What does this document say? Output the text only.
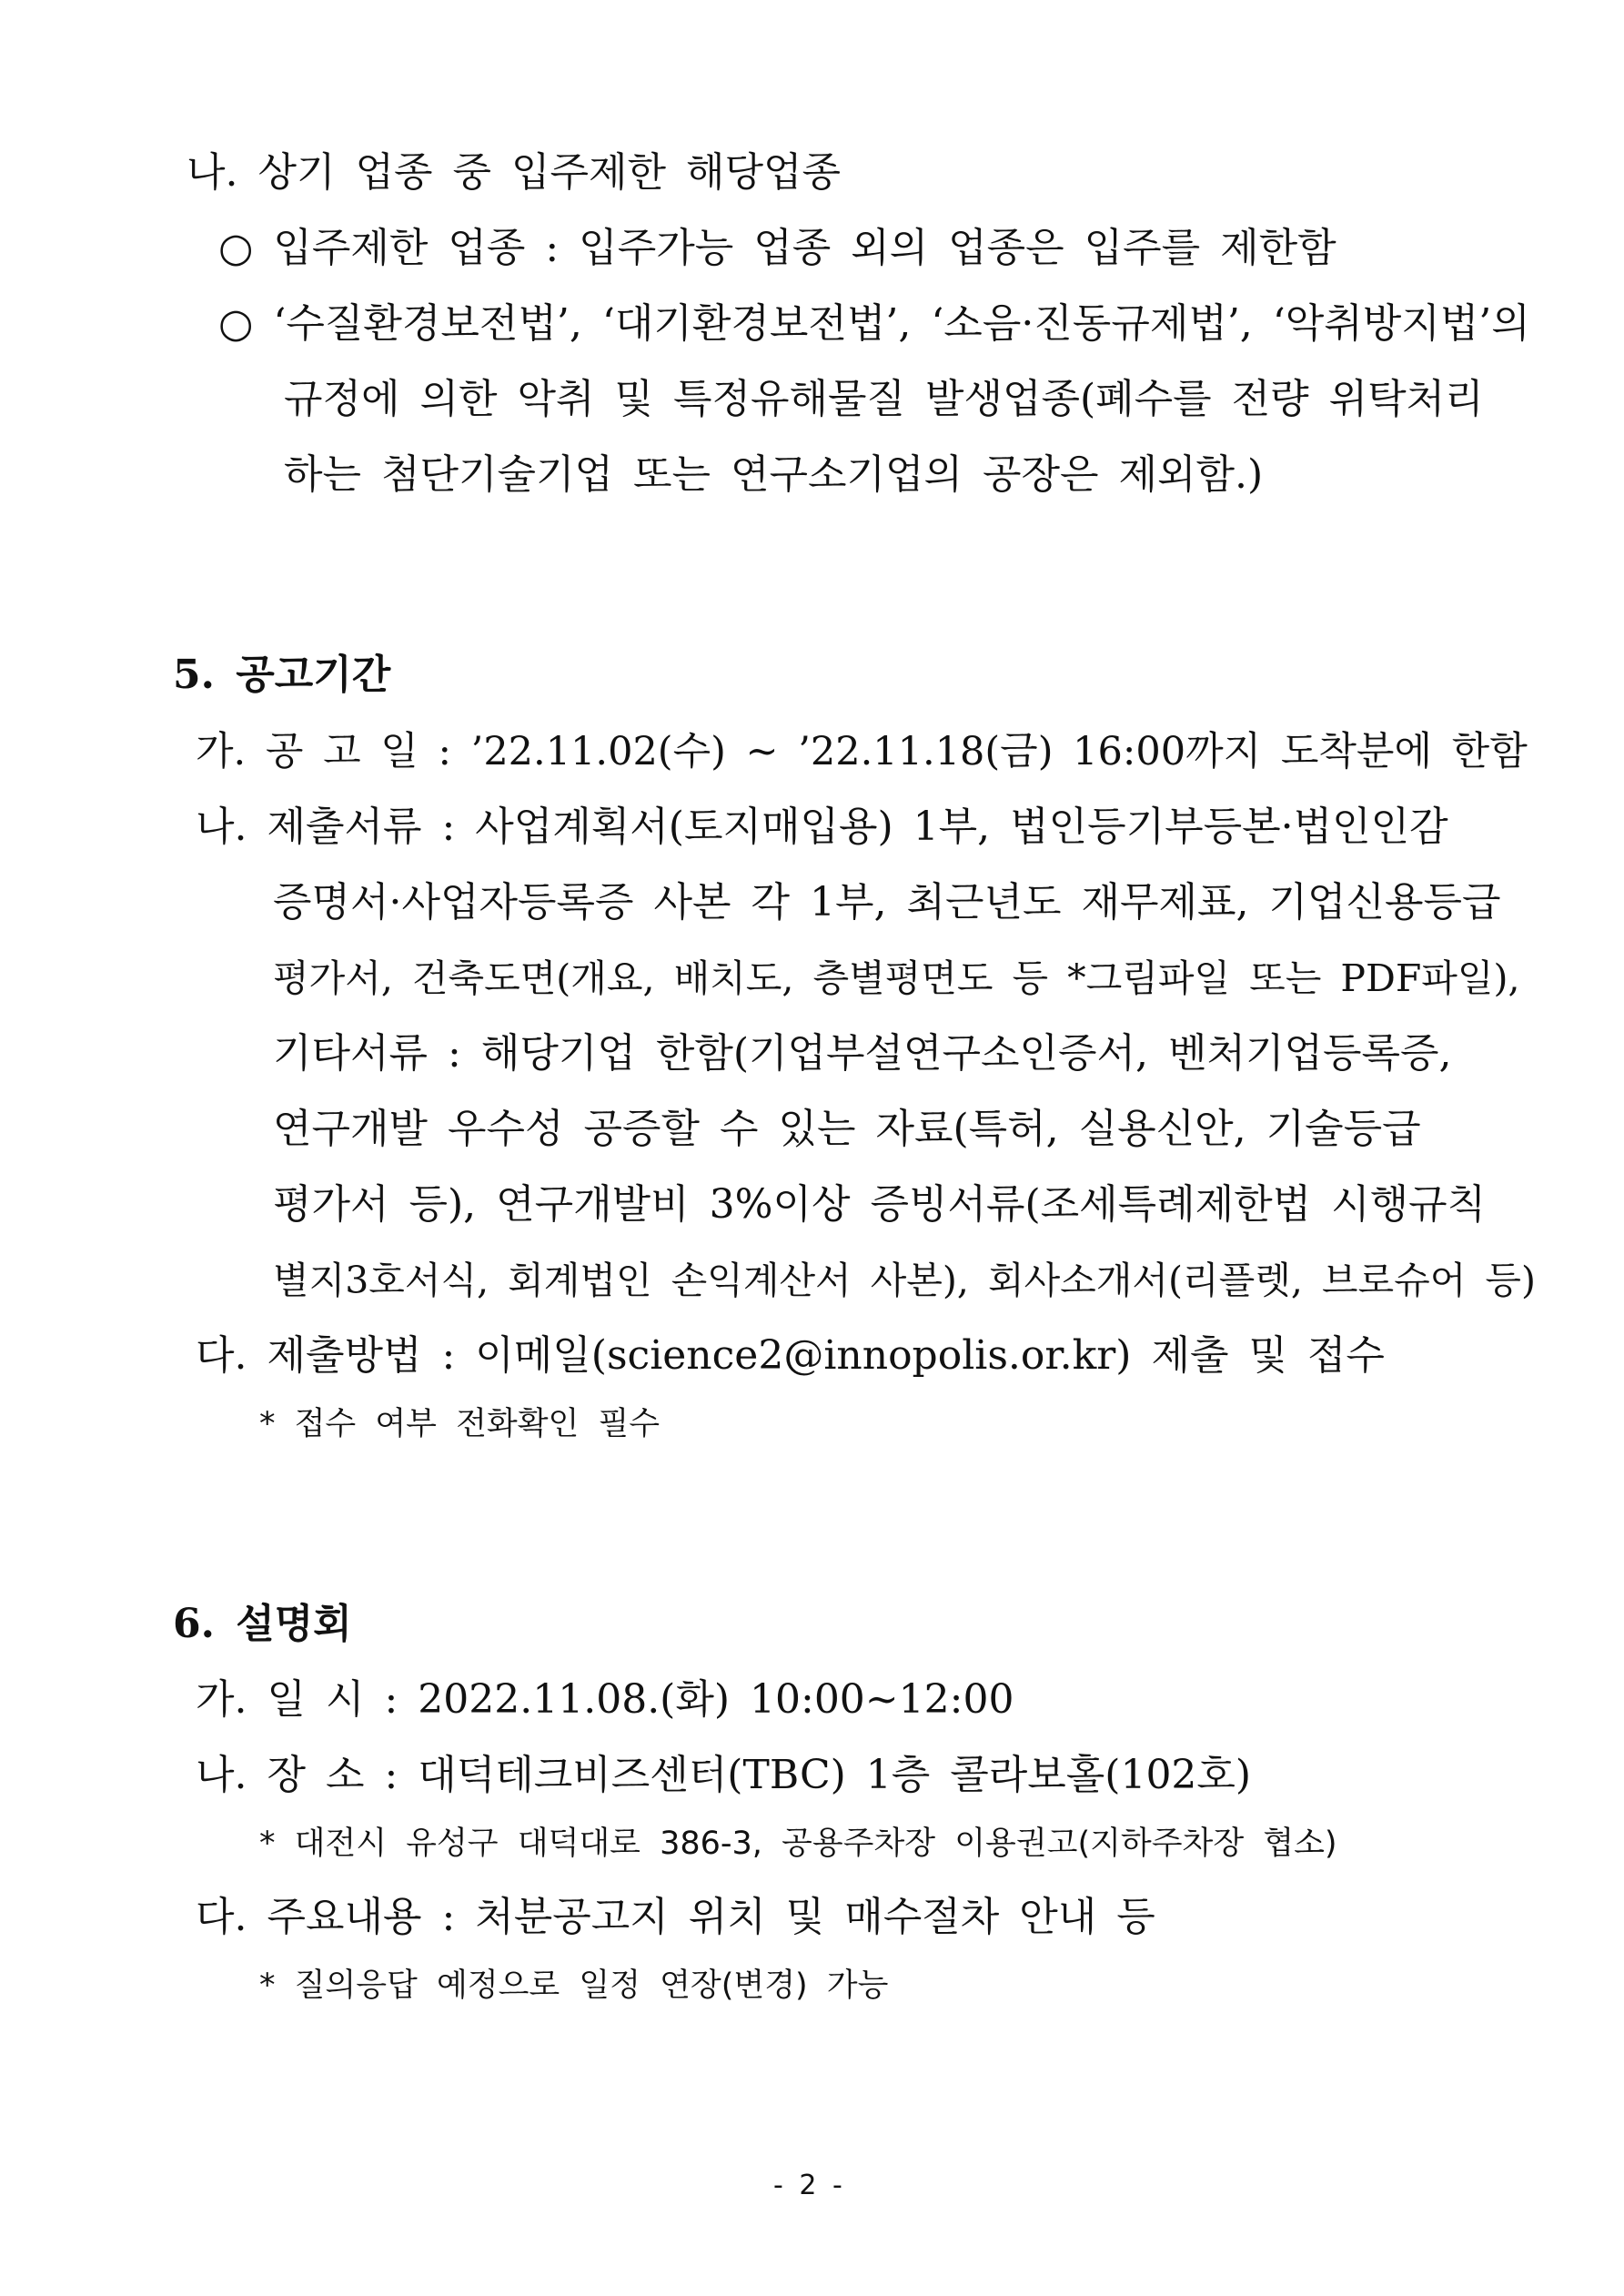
나. 상기 업종 중 입주제한 해당업종
○ 입주제한 업종 : 입주가능 업종 외의 업종은 입주를 제한함
○ ‘수질환경보전법’, ‘대기환경보전법’, ‘소음·진동규제법’, ‘악취방지법’의
규정에 의한 악취 및 특정유해물질 발생업종(폐수를 전량 위탁처리
하는 첨단기술기업 또는 연구소기업의 공장은 제외함.)
5. 공고기간
가. 공 고 일 : ’22.11.02(수) ~ ’22.11.18(금) 16:00까지 도착분에 한함
나. 제출서류 : 사업계획서(토지매입용) 1부, 법인등기부등본·법인인감
증명서·사업자등록증 사본 각 1부, 최근년도 재무제표, 기업신용등급
평가서, 건축도면(개요, 배치도, 층별평면도 등 *그림파일 또는 PDF파일),
기타서류 : 해당기업 한함(기업부설연구소인증서, 벤처기업등록증,
연구개발 우수성 공증할 수 있는 자료(특허, 실용신안, 기술등급
평가서 등), 연구개발비 3%이상 증빙서류(조세특례제한법 시행규칙
별지3호서식, 회계법인 손익계산서 사본), 회사소개서(리플렛, 브로슈어 등)
다. 제출방법 : 이메일(science2@innopolis.or.kr) 제출 및 접수
* 접수 여부 전화확인 필수
6. 설명회
가. 일 시 : 2022.11.08.(화) 10:00~12:00
나. 장 소 : 대덕테크비즈센터(TBC) 1층 콜라보홀(102호)
* 대전시 유성구 대덕대로 386-3, 공용주차장 이용권고(지하주차장 협소)
다. 주요내용 : 처분공고지 위치 및 매수절차 안내 등
* 질의응답 예정으로 일정 연장(변경) 가능
- 2 -
